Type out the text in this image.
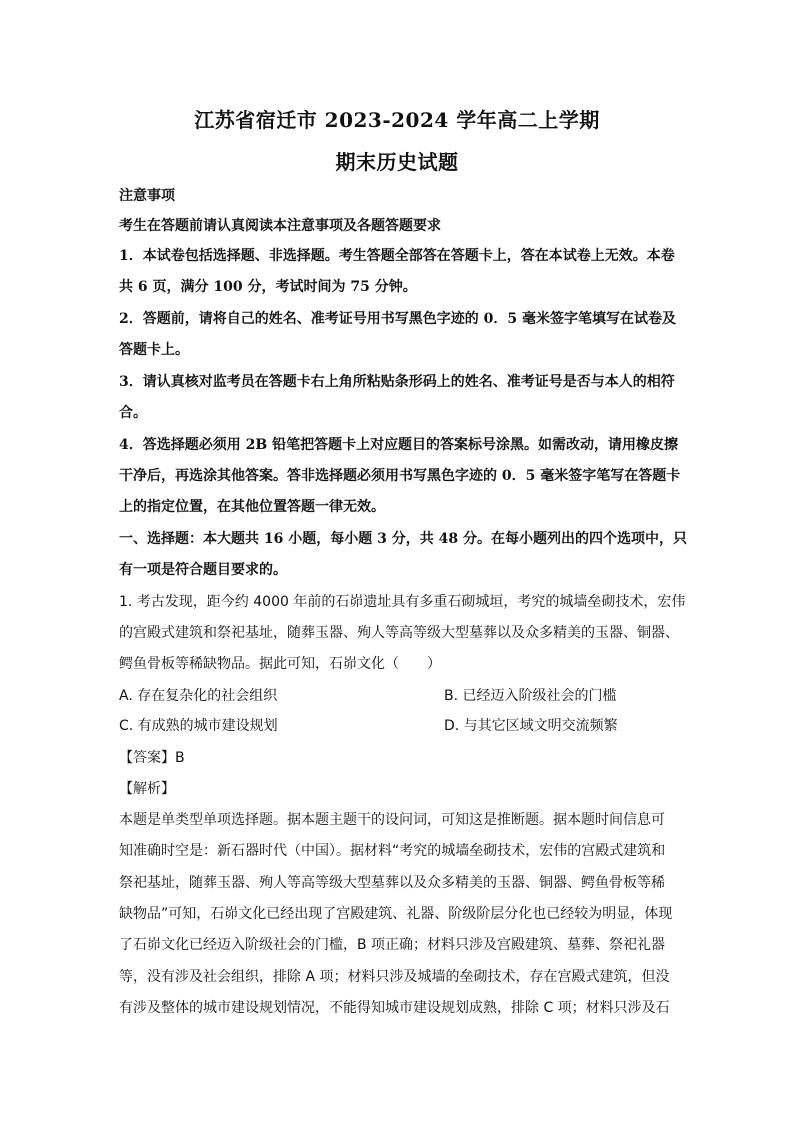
江苏省宿迁市 2023-2024 学年高二上学期
期末历史试题
注意事项
考生在答题前请认真阅读本注意事项及各题答题要求
1．本试卷包括选择题、非选择题。考生答题全部答在答题卡上，答在本试卷上无效。本卷
共 6 页，满分 100 分，考试时间为 75 分钟。
2．答题前，请将自己的姓名、准考证号用书写黑色字迹的 0．5 毫米签字笔填写在试卷及
答题卡上。
3．请认真核对监考员在答题卡右上角所粘贴条形码上的姓名、准考证号是否与本人的相符
合。
4．答选择题必须用 2B 铅笔把答题卡上对应题目的答案标号涂黑。如需改动，请用橡皮擦
干净后，再选涂其他答案。答非选择题必须用书写黑色字迹的 0．5 毫米签字笔写在答题卡
上的指定位置，在其他位置答题一律无效。
一、选择题：本大题共 16 小题，每小题 3 分，共 48 分。在每小题列出的四个选项中，只
有一项是符合题目要求的。
1. 考古发现，距今约 4000 年前的石峁遗址具有多重石砌城垣，考究的城墙垒砌技术，宏伟
的宫殿式建筑和祭祀基址，随葬玉器、殉人等高等级大型墓葬以及众多精美的玉器、铜器、
鳄鱼骨板等稀缺物品。据此可知，石峁文化（　　）
A. 存在复杂化的社会组织	B. 已经迈入阶级社会的门槛
C. 有成熟的城市建设规划	D. 与其它区域文明交流频繁
【答案】B
【解析】
本题是单类型单项选择题。据本题主题干的设问词，可知这是推断题。据本题时间信息可
知准确时空是：新石器时代（中国）。据材料“考究的城墙垒砌技术，宏伟的宫殿式建筑和
祭祀基址，随葬玉器、殉人等高等级大型墓葬以及众多精美的玉器、铜器、鳄鱼骨板等稀
缺物品”可知，石峁文化已经出现了宫殿建筑、礼器、阶级阶层分化也已经较为明显，体现
了石峁文化已经迈入阶级社会的门槛，B 项正确；材料只涉及宫殿建筑、墓葬、祭祀礼器
等，没有涉及社会组织，排除 A 项；材料只涉及城墙的垒砌技术，存在宫殿式建筑，但没
有涉及整体的城市建设规划情况，不能得知城市建设规划成熟，排除 C 项；材料只涉及石
